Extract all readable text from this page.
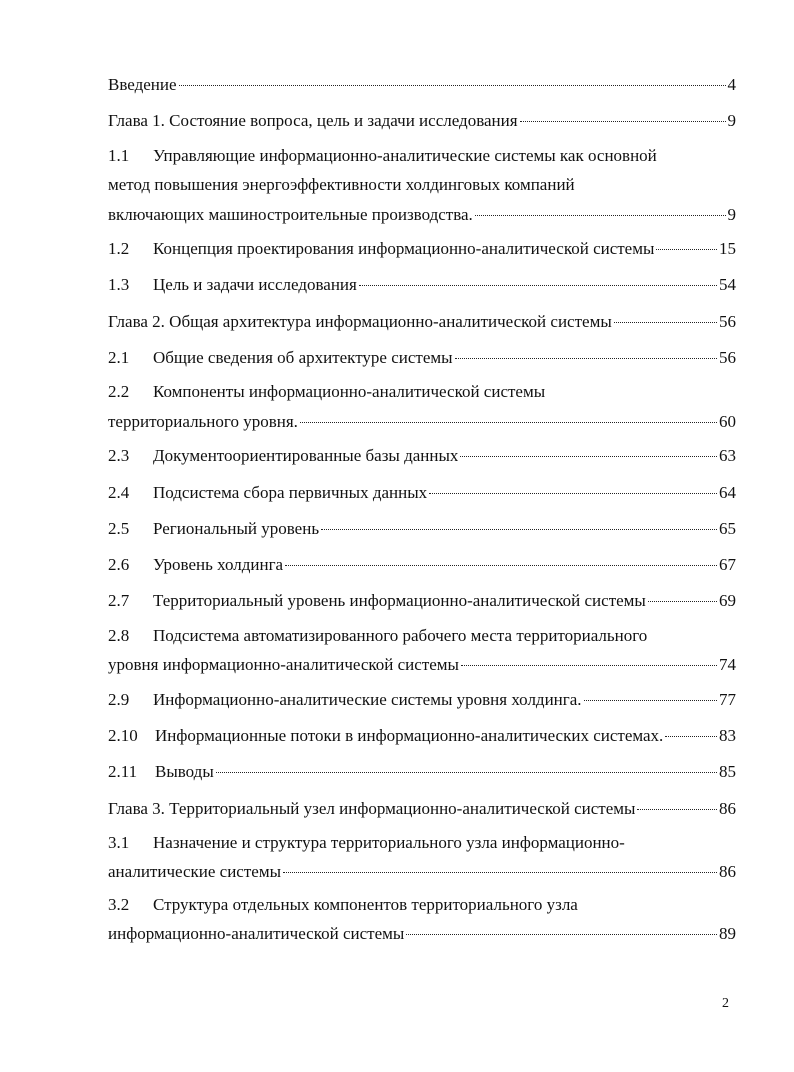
Введение	4
Глава 1. Состояние вопроса, цель и задачи исследования	9
1.1 Управляющие информационно-аналитические системы как основной
метод повышения энергоэффективности холдинговых компаний
включающих машиностроительные производства.	9
1.2	Концепция проектирования информационно-аналитической системы	15
1.3	Цель и задачи исследования	54
Глава 2. Общая архитектура информационно-аналитической системы	56
2.1	Общие сведения об архитектуре системы	56
2.2 Компоненты информационно-аналитической системы
территориального уровня.	60
2.3	Документоориентированные базы данных	63
2.4	Подсистема сбора первичных данных	64
2.5	Региональный уровень	65
2.6	Уровень холдинга	67
2.7	Территориальный уровень информационно-аналитической системы	69
2.8 Подсистема автоматизированного рабочего места территориального
уровня информационно-аналитической системы	74
2.9	Информационно-аналитические системы уровня холдинга.	77
2.10	Информационные потоки в информационно-аналитических системах.	83
2.11	Выводы	85
Глава 3. Территориальный узел информационно-аналитической системы	86
3.1 Назначение и структура территориального узла информационно-
аналитические системы	86
3.2 Структура отдельных компонентов территориального узла
информационно-аналитической системы	89
2
